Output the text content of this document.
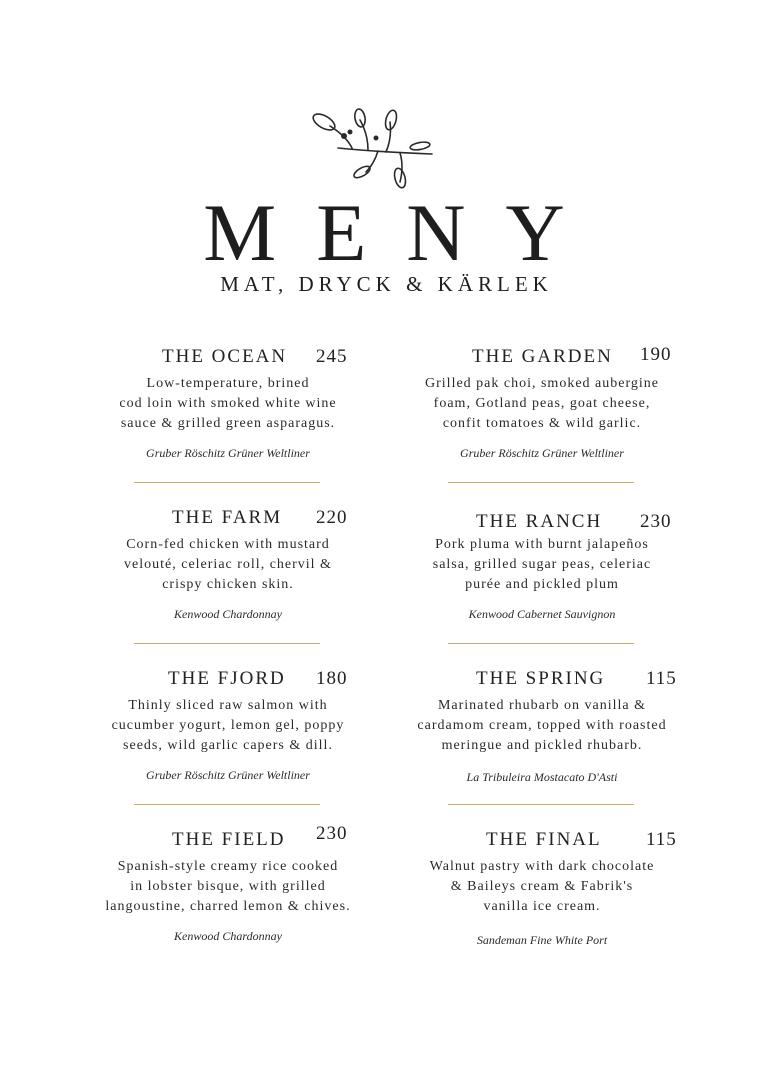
MENY
MAT, DRYCK & KÄRLEK
THE OCEAN 245
Low-temperature, brined
cod loin with smoked white wine
sauce & grilled green asparagus.
Gruber Röschitz Grüner Weltliner
THE FARM 220
Corn-fed chicken with mustard
velouté, celeriac roll, chervil &
crispy chicken skin.
Kenwood Chardonnay
THE FJORD 180
Thinly sliced raw salmon with
cucumber yogurt, lemon gel, poppy
seeds, wild garlic capers & dill.
Gruber Röschitz Grüner Weltliner
THE FIELD 230
Spanish-style creamy rice cooked
in lobster bisque, with grilled
langoustine, charred lemon & chives.
Kenwood Chardonnay
THE GARDEN 190
Grilled pak choi, smoked aubergine
foam, Gotland peas, goat cheese,
confit tomatoes & wild garlic.
Gruber Röschitz Grüner Weltliner
THE RANCH 230
Pork pluma with burnt jalapeños
salsa, grilled sugar peas, celeriac
purée and pickled plum
Kenwood Cabernet Sauvignon
THE SPRING 115
Marinated rhubarb on vanilla &
cardamom cream, topped with roasted
meringue and pickled rhubarb.
La Tribuleira Mostacato D'Asti
THE FINAL 115
Walnut pastry with dark chocolate
& Baileys cream & Fabrik's
vanilla ice cream.
Sandeman Fine White Port
